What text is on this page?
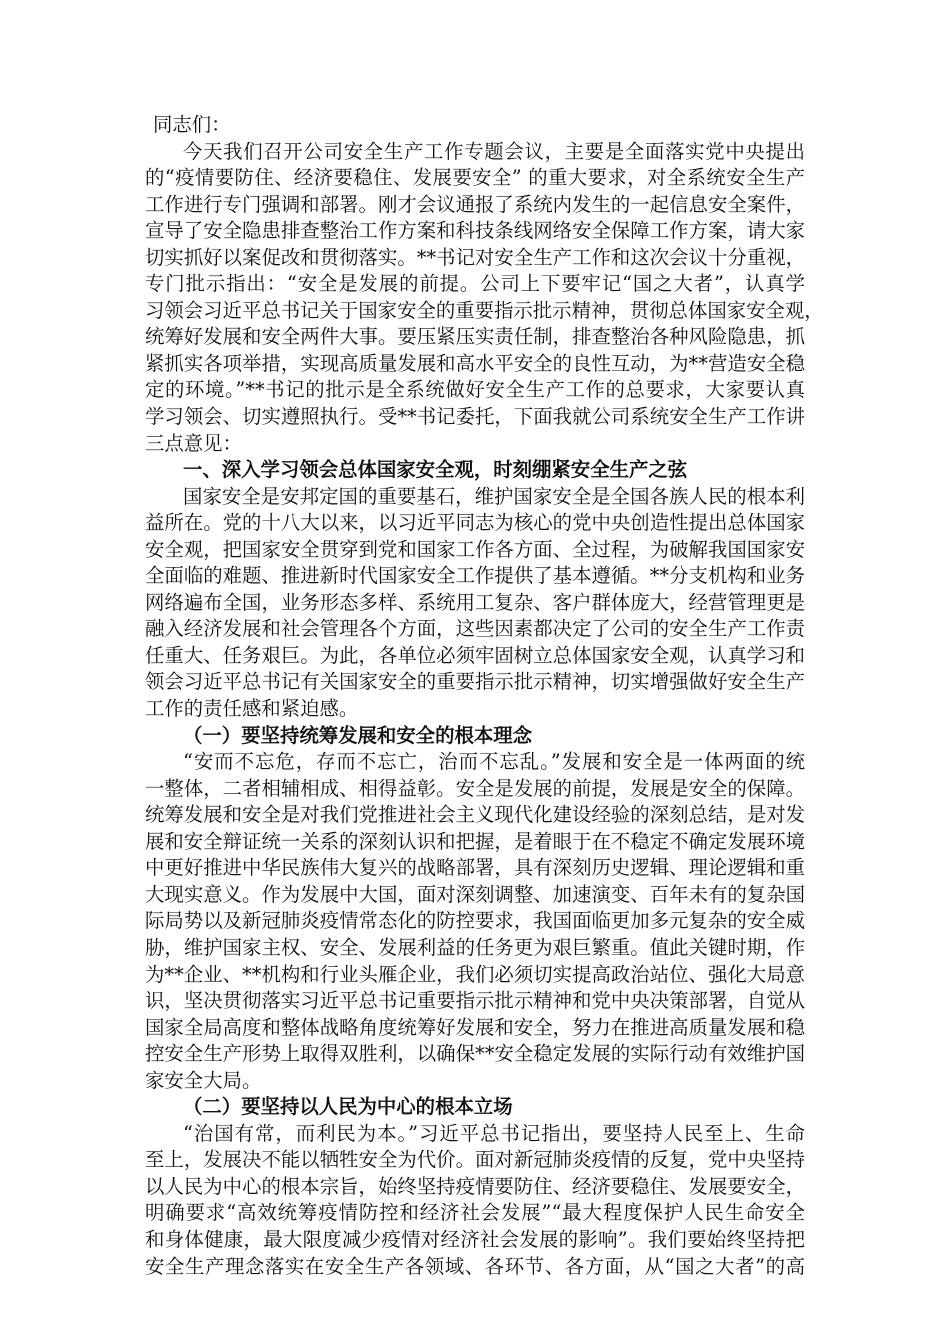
同志们：
今天我们召开公司安全生产工作专题会议，主要是全面落实党中央提出
的“疫情要防住、经济要稳住、发展要安全” 的重大要求，对全系统安全生产
工作进行专门强调和部署。刚才会议通报了系统内发生的一起信息安全案件，
宣导了安全隐患排查整治工作方案和科技条线网络安全保障工作方案，请大家
切实抓好以案促改和贯彻落实。**书记对安全生产工作和这次会议十分重视，
专门批示指出：“安全是发展的前提。公司上下要牢记“国之大者”，认真学
习领会习近平总书记关于国家安全的重要指示批示精神，贯彻总体国家安全观，
统筹好发展和安全两件大事。要压紧压实责任制，排查整治各种风险隐患，抓
紧抓实各项举措，实现高质量发展和高水平安全的良性互动，为**营造安全稳
定的环境。”**书记的批示是全系统做好安全生产工作的总要求，大家要认真
学习领会、切实遵照执行。受**书记委托，下面我就公司系统安全生产工作讲
三点意见：
一、深入学习领会总体国家安全观，时刻绷紧安全生产之弦
国家安全是安邦定国的重要基石，维护国家安全是全国各族人民的根本利
益所在。党的十八大以来，以习近平同志为核心的党中央创造性提出总体国家
安全观，把国家安全贯穿到党和国家工作各方面、全过程，为破解我国国家安
全面临的难题、推进新时代国家安全工作提供了基本遵循。**分支机构和业务
网络遍布全国，业务形态多样、系统用工复杂、客户群体庞大，经营管理更是
融入经济发展和社会管理各个方面，这些因素都决定了公司的安全生产工作责
任重大、任务艰巨。为此，各单位必须牢固树立总体国家安全观，认真学习和
领会习近平总书记有关国家安全的重要指示批示精神，切实增强做好安全生产
工作的责任感和紧迫感。
（一）要坚持统筹发展和安全的根本理念
“安而不忘危，存而不忘亡，治而不忘乱。”发展和安全是一体两面的统
一整体，二者相辅相成、相得益彰。安全是发展的前提，发展是安全的保障。
统筹发展和安全是对我们党推进社会主义现代化建设经验的深刻总结，是对发
展和安全辩证统一关系的深刻认识和把握，是着眼于在不稳定不确定发展环境
中更好推进中华民族伟大复兴的战略部署，具有深刻历史逻辑、理论逻辑和重
大现实意义。作为发展中大国，面对深刻调整、加速演变、百年未有的复杂国
际局势以及新冠肺炎疫情常态化的防控要求，我国面临更加多元复杂的安全威
胁，维护国家主权、安全、发展利益的任务更为艰巨繁重。值此关键时期，作
为**企业、**机构和行业头雁企业，我们必须切实提高政治站位、强化大局意
识，坚决贯彻落实习近平总书记重要指示批示精神和党中央决策部署，自觉从
国家全局高度和整体战略角度统筹好发展和安全，努力在推进高质量发展和稳
控安全生产形势上取得双胜利，以确保**安全稳定发展的实际行动有效维护国
家安全大局。
（二）要坚持以人民为中心的根本立场
“治国有常，而利民为本。”习近平总书记指出，要坚持人民至上、生命
至上，发展决不能以牺牲安全为代价。面对新冠肺炎疫情的反复，党中央坚持
以人民为中心的根本宗旨，始终坚持疫情要防住、经济要稳住、发展要安全，
明确要求“高效统筹疫情防控和经济社会发展”“最大程度保护人民生命安全
和身体健康，最大限度减少疫情对经济社会发展的影响”。我们要始终坚持把
安全生产理念落实在安全生产各领域、各环节、各方面，从“国之大者”的高
